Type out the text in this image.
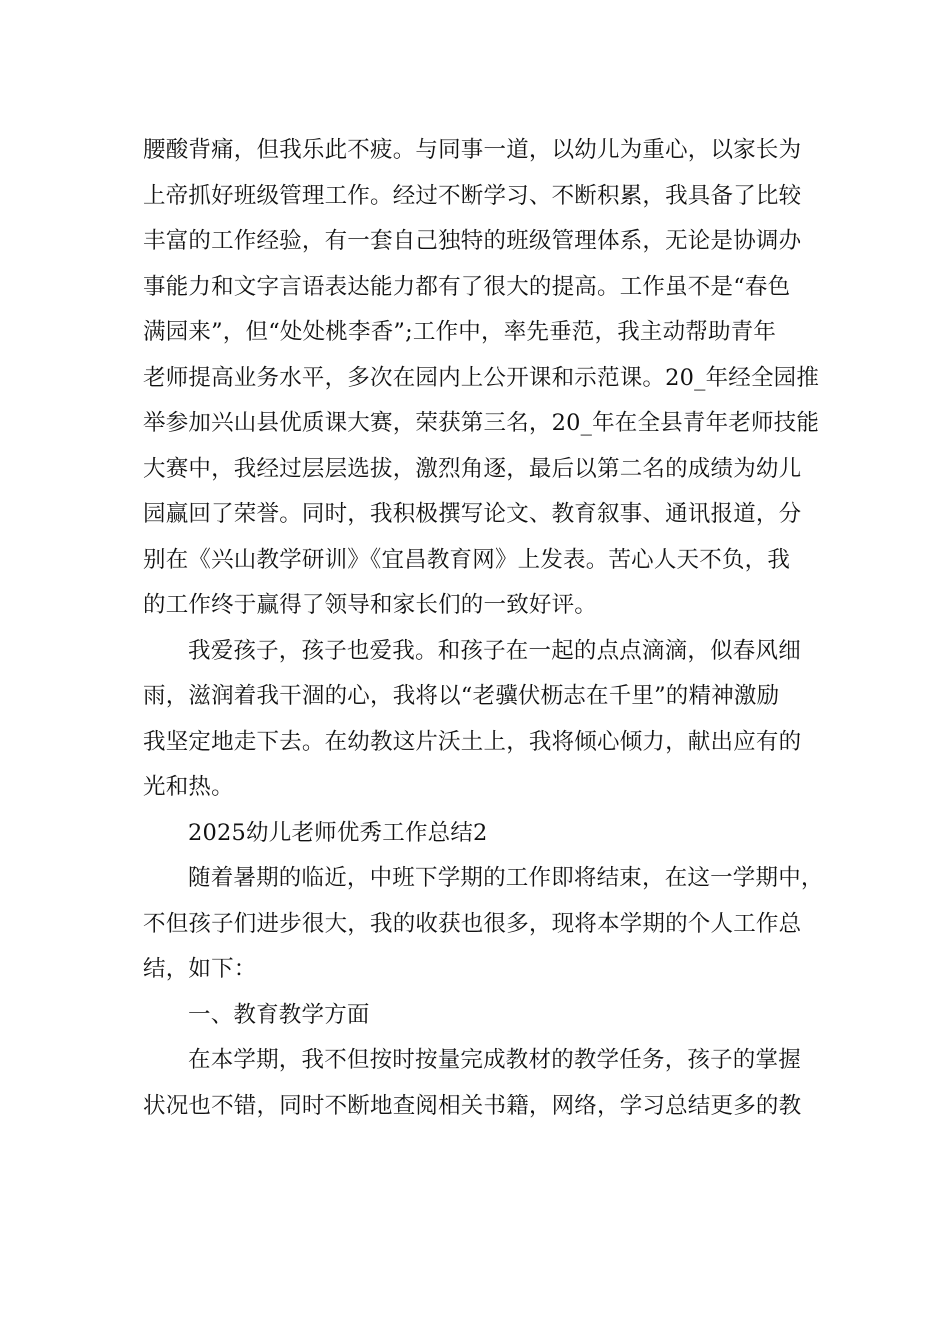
腰酸背痛，但我乐此不疲。与同事一道，以幼儿为重心，以家长为
上帝抓好班级管理工作。经过不断学习、不断积累，我具备了比较
丰富的工作经验，有一套自己独特的班级管理体系，无论是协调办
事能力和文字言语表达能力都有了很大的提高。工作虽不是“春色
满园来”，但“处处桃李香”;工作中，率先垂范，我主动帮助青年
老师提高业务水平，多次在园内上公开课和示范课。20_年经全园推
举参加兴山县优质课大赛，荣获第三名，20_年在全县青年老师技能
大赛中，我经过层层选拔，激烈角逐，最后以第二名的成绩为幼儿
园赢回了荣誉。同时，我积极撰写论文、教育叙事、通讯报道，分
别在《兴山教学研训》《宜昌教育网》上发表。苦心人天不负，我
的工作终于赢得了领导和家长们的一致好评。
我爱孩子，孩子也爱我。和孩子在一起的点点滴滴，似春风细
雨，滋润着我干涸的心，我将以“老骥伏枥志在千里”的精神激励
我坚定地走下去。在幼教这片沃土上，我将倾心倾力，献出应有的
光和热。
2025幼儿老师优秀工作总结2
随着暑期的临近，中班下学期的工作即将结束，在这一学期中，
不但孩子们进步很大，我的收获也很多，现将本学期的个人工作总
结，如下：
一、教育教学方面
在本学期，我不但按时按量完成教材的教学任务，孩子的掌握
状况也不错，同时不断地查阅相关书籍，网络，学习总结更多的教
